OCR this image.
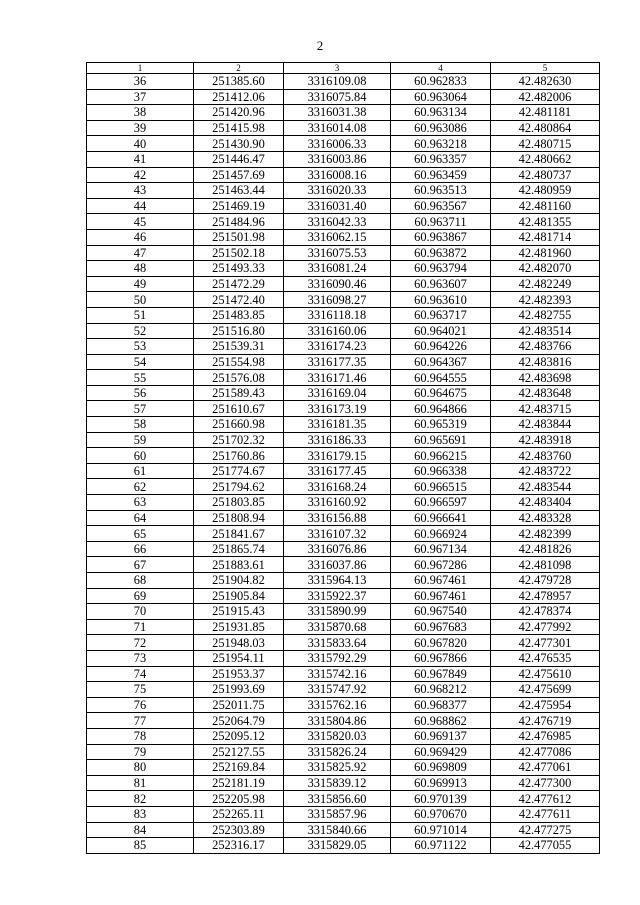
2
1	2	3	4	5
36	251385.60	3316109.08	60.962833	42.482630
37	251412.06	3316075.84	60.963064	42.482006
38	251420.96	3316031.38	60.963134	42.481181
39	251415.98	3316014.08	60.963086	42.480864
40	251430.90	3316006.33	60.963218	42.480715
41	251446.47	3316003.86	60.963357	42.480662
42	251457.69	3316008.16	60.963459	42.480737
43	251463.44	3316020.33	60.963513	42.480959
44	251469.19	3316031.40	60.963567	42.481160
45	251484.96	3316042.33	60.963711	42.481355
46	251501.98	3316062.15	60.963867	42.481714
47	251502.18	3316075.53	60.963872	42.481960
48	251493.33	3316081.24	60.963794	42.482070
49	251472.29	3316090.46	60.963607	42.482249
50	251472.40	3316098.27	60.963610	42.482393
51	251483.85	3316118.18	60.963717	42.482755
52	251516.80	3316160.06	60.964021	42.483514
53	251539.31	3316174.23	60.964226	42.483766
54	251554.98	3316177.35	60.964367	42.483816
55	251576.08	3316171.46	60.964555	42.483698
56	251589.43	3316169.04	60.964675	42.483648
57	251610.67	3316173.19	60.964866	42.483715
58	251660.98	3316181.35	60.965319	42.483844
59	251702.32	3316186.33	60.965691	42.483918
60	251760.86	3316179.15	60.966215	42.483760
61	251774.67	3316177.45	60.966338	42.483722
62	251794.62	3316168.24	60.966515	42.483544
63	251803.85	3316160.92	60.966597	42.483404
64	251808.94	3316156.88	60.966641	42.483328
65	251841.67	3316107.32	60.966924	42.482399
66	251865.74	3316076.86	60.967134	42.481826
67	251883.61	3316037.86	60.967286	42.481098
68	251904.82	3315964.13	60.967461	42.479728
69	251905.84	3315922.37	60.967461	42.478957
70	251915.43	3315890.99	60.967540	42.478374
71	251931.85	3315870.68	60.967683	42.477992
72	251948.03	3315833.64	60.967820	42.477301
73	251954.11	3315792.29	60.967866	42.476535
74	251953.37	3315742.16	60.967849	42.475610
75	251993.69	3315747.92	60.968212	42.475699
76	252011.75	3315762.16	60.968377	42.475954
77	252064.79	3315804.86	60.968862	42.476719
78	252095.12	3315820.03	60.969137	42.476985
79	252127.55	3315826.24	60.969429	42.477086
80	252169.84	3315825.92	60.969809	42.477061
81	252181.19	3315839.12	60.969913	42.477300
82	252205.98	3315856.60	60.970139	42.477612
83	252265.11	3315857.96	60.970670	42.477611
84	252303.89	3315840.66	60.971014	42.477275
85	252316.17	3315829.05	60.971122	42.477055
